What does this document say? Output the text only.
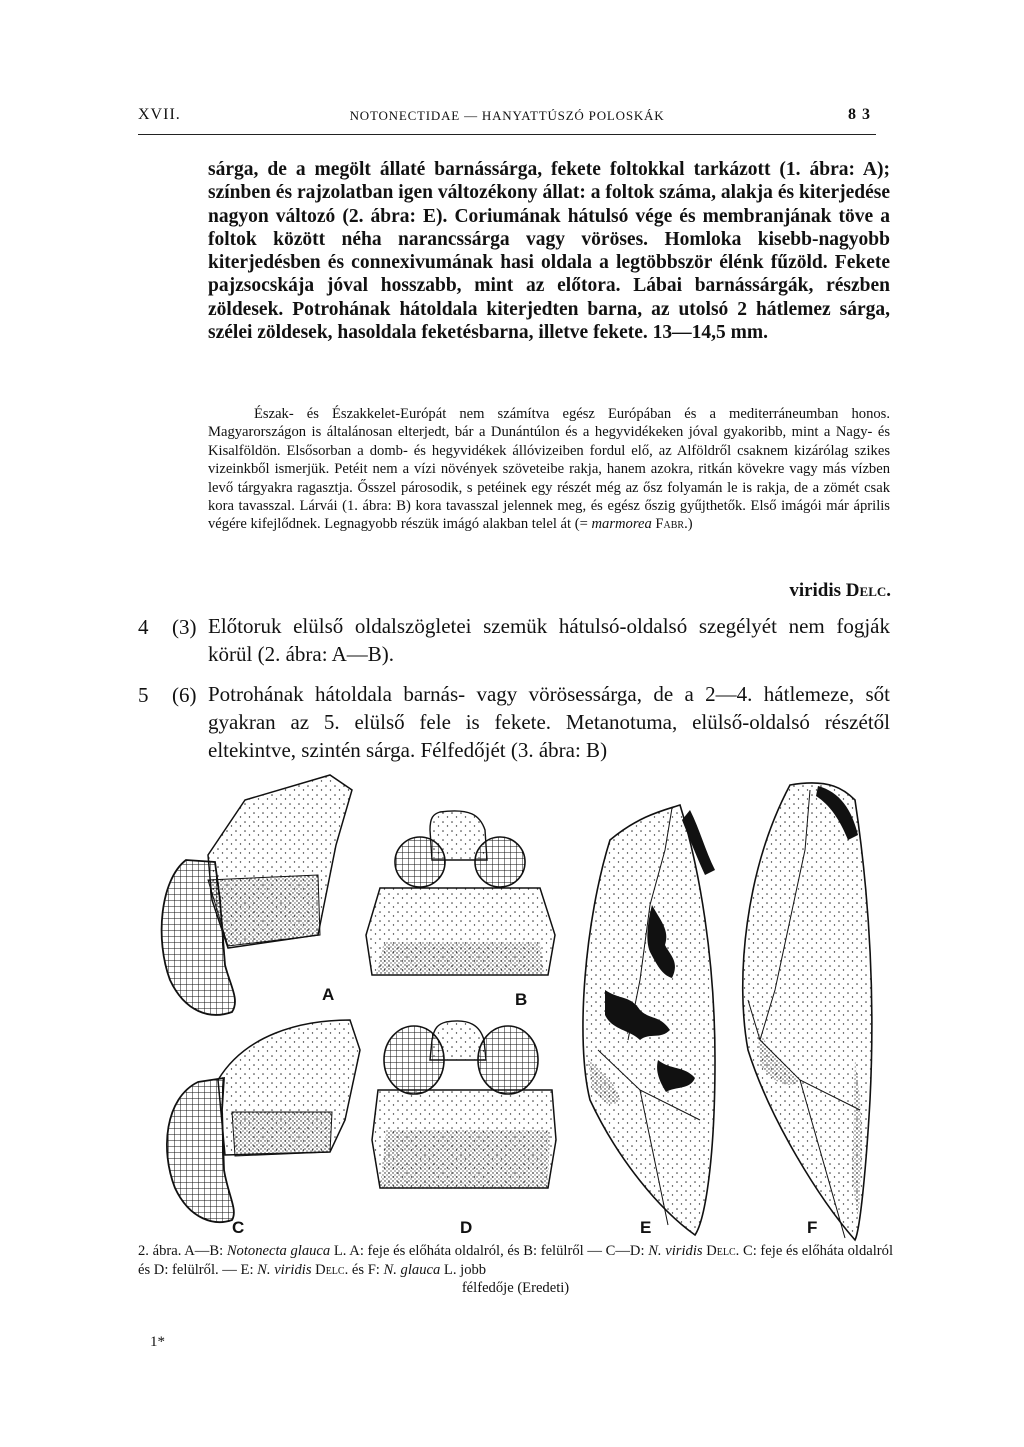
XVII.	NOTONECTIDAE — HANYATTÚSZÓ POLOSKÁK	83

sárga, de a megölt állaté barnássárga, fekete foltokkal tarkázott (1. ábra: A); színben és rajzolatban igen változékony állat: a foltok száma, alakja és kiterjedése nagyon változó (2. ábra: E). Coriumának hátulsó vége és membranjának töve a foltok között néha narancssárga vagy vöröses. Homloka kisebb-nagyobb kiterjedésben és connexivumának hasi oldala a legtöbbször élénk fűzöld. Fekete pajzsocskája jóval hosszabb, mint az előtora. Lábai barnássárgák, részben zöldesek. Potrohának hátoldala kiterjedten barna, az utolsó 2 hátlemez sárga, szélei zöldesek, hasoldala feketésbarna, illetve fekete. 13—14,5 mm.

Észak- és Északkelet-Európát nem számítva egész Európában és a mediterráneumban honos. Magyarországon is általánosan elterjedt, bár a Dunántúlon és a hegyvidékeken jóval gyakoribb, mint a Nagy- és Kisalföldön. Elsősorban a domb- és hegyvidékek állóvizeiben fordul elő, az Alföldről csaknem kizárólag szikes vizeinkből ismerjük. Petéit nem a vízi növények szöveteibe rakja, hanem azokra, ritkán kövekre vagy más vízben levő tárgyakra ragasztja. Ősszel párosodik, s petéinek egy részét még az ősz folyamán le is rakja, de a zömét csak kora tavasszal. Lárvái (1. ábra: B) kora tavasszal jelennek meg, és egész őszig gyűjthetők. Első imágói már április végére kifejlődnek. Legnagyobb részük imágó alakban telel át (= marmorea Fabr.)

viridis Delc.

4 (3) Előtoruk elülső oldalszögletei szemük hátulsó-oldalsó szegélyét nem fogják körül (2. ábra: A—B).

5 (6) Potrohának hátoldala barnás- vagy vörösessárga, de a 2—4. hátlemeze, sőt gyakran az 5. elülső fele is fekete. Metanotuma, elülső-oldalsó részétől eltekintve, szintén sárga. Félfedőjét (3. ábra: B)

A	B
C	D	E	F

2. ábra. A—B: Notonecta glauca L. A: feje és előháta oldalról, és B: felülről — C—D: N. viridis Delc. C: feje és előháta oldalról és D: felülről. — E: N. viridis Delc. és F: N. glauca L. jobb
félfedője (Eredeti)

1*
